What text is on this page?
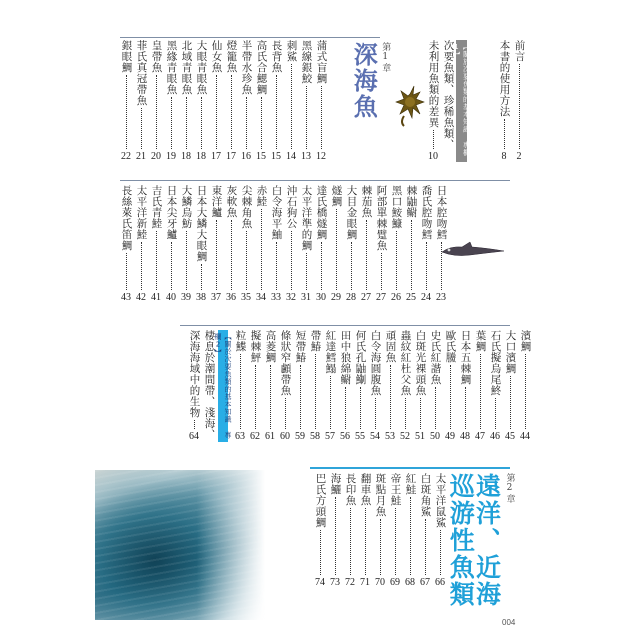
前言
2
本書的使用方法
8
【關於次要魚類的基本知識 專欄1】
次要魚類、珍稀魚類、
未利用魚類的差異
10
第1章
深海魚
蒲式盲鯛
12
黑線銀鮫
13
刺鯊
14
長背魚
15
高氏合鰓鯛
15
半帶水珍魚
16
燈籠魚
17
仙女魚
17
大眼青眼魚
18
北域青眼魚
18
黑緣青眼魚
19
皇帶魚
20
菲氏真冠帶魚
21
銀眼鯛
22
日本腔吻鱈
23
喬氏腔吻鱈
24
棘鼬鳚
25
黑口鮟鱇
26
阿部單棘躄魚
27
棘茄魚
27
大目金眼鯛
28
燧鯛
29
達氏橋燧鯛
30
太平洋準的鯛
31
沖石狗公
32
白令海平鮋
33
赤鯥
34
尖棘角魚
35
灰軟魚
36
東洋鱸
37
日本大鱗大眼鯛
38
大鱗烏魴
39
日本尖牙鱸
40
吉氏青鯥
41
太平洋新鯥
42
長絲萊氏笛鯛
43
濱鯛
44
大口濱鯛
45
石氏擬烏尾鮗
46
葉鯛
47
日本五棘鯛
48
歐氏鰧
49
史氏紅諧魚
50
白斑光裸頭魚
51
蟲紋紅杜父魚
52
頑固魚
53
白令海圓腹魚
54
何氏孔鼬鯯
55
田中狼綿鳚
56
紅達鱈鰨
57
帶鰆
58
短帶鰆
59
條狀窄顱帶魚
60
高菱鯛
61
擬棘鮃
62
粒鰈
63
【關於次要魚類的基本知識 專欄2】
棲息於潮間帶、淺海、
深海海域中的生物
64
第2章
遠洋、近海
巡游性魚類
太平洋鼠鯊
66
白斑角鯊
67
紅鮭
68
帝王鮭
69
斑點月魚
70
翻車魚
71
長印魚
72
海鱺
73
巴氏方頭鯛
74
004
